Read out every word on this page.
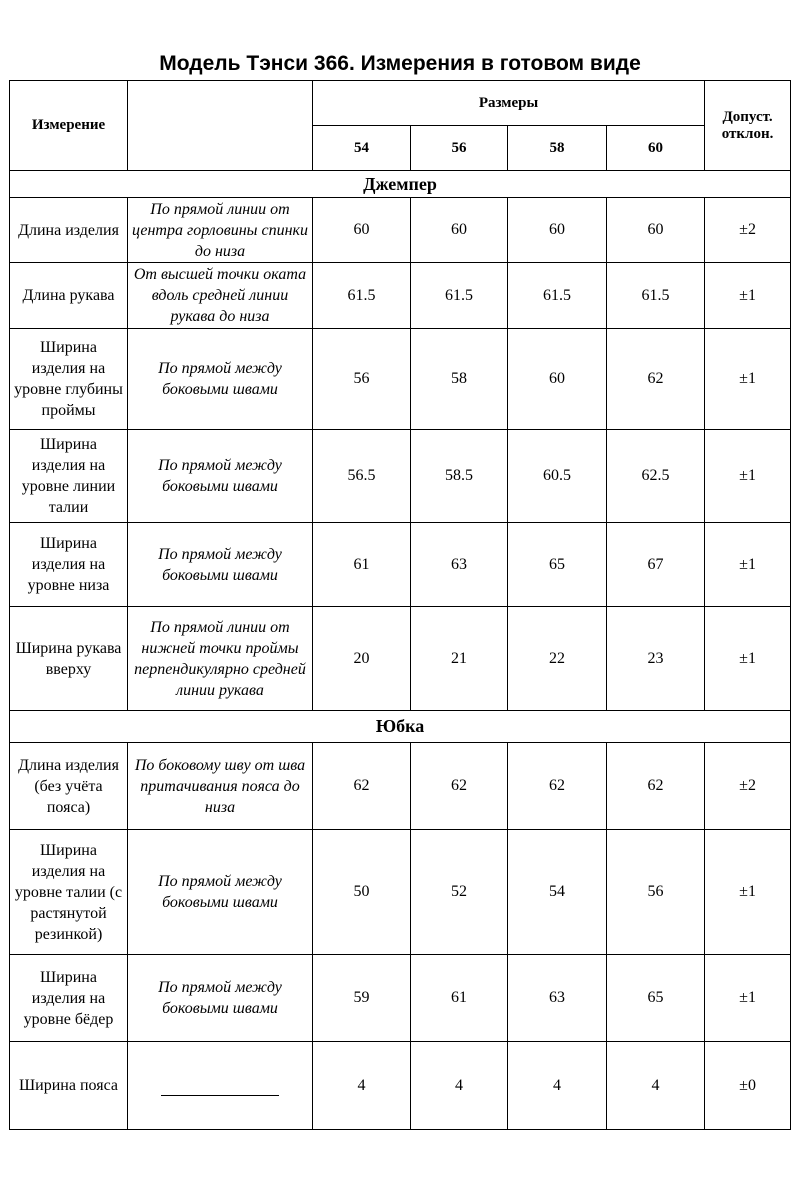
Модель Тэнси 366. Измерения в готовом виде
Измерение		Размеры				Допуст. отклон.
		54	56	58	60	
Джемпер						
Длина изделия	По прямой линии от центра горловины спинки до низа	60	60	60	60	±2
Длина рукава	От высшей точки оката вдоль средней линии рукава до низа	61.5	61.5	61.5	61.5	±1
Ширина изделия на уровне глубины проймы	По прямой между боковыми швами	56	58	60	62	±1
Ширина изделия на уровне линии талии	По прямой между боковыми швами	56.5	58.5	60.5	62.5	±1
Ширина изделия на уровне низа	По прямой между боковыми швами	61	63	65	67	±1
Ширина рукава вверху	По прямой линии от нижней точки проймы перпендикулярно средней линии рукава	20	21	22	23	±1
Юбка						
Длина изделия (без учёта пояса)	По боковому шву от шва притачивания пояса до низа	62	62	62	62	±2
Ширина изделия на уровне талии (с растянутой резинкой)	По прямой между боковыми швами	50	52	54	56	±1
Ширина изделия на уровне бёдер	По прямой между боковыми швами	59	61	63	65	±1
Ширина пояса		4	4	4	4	±0
